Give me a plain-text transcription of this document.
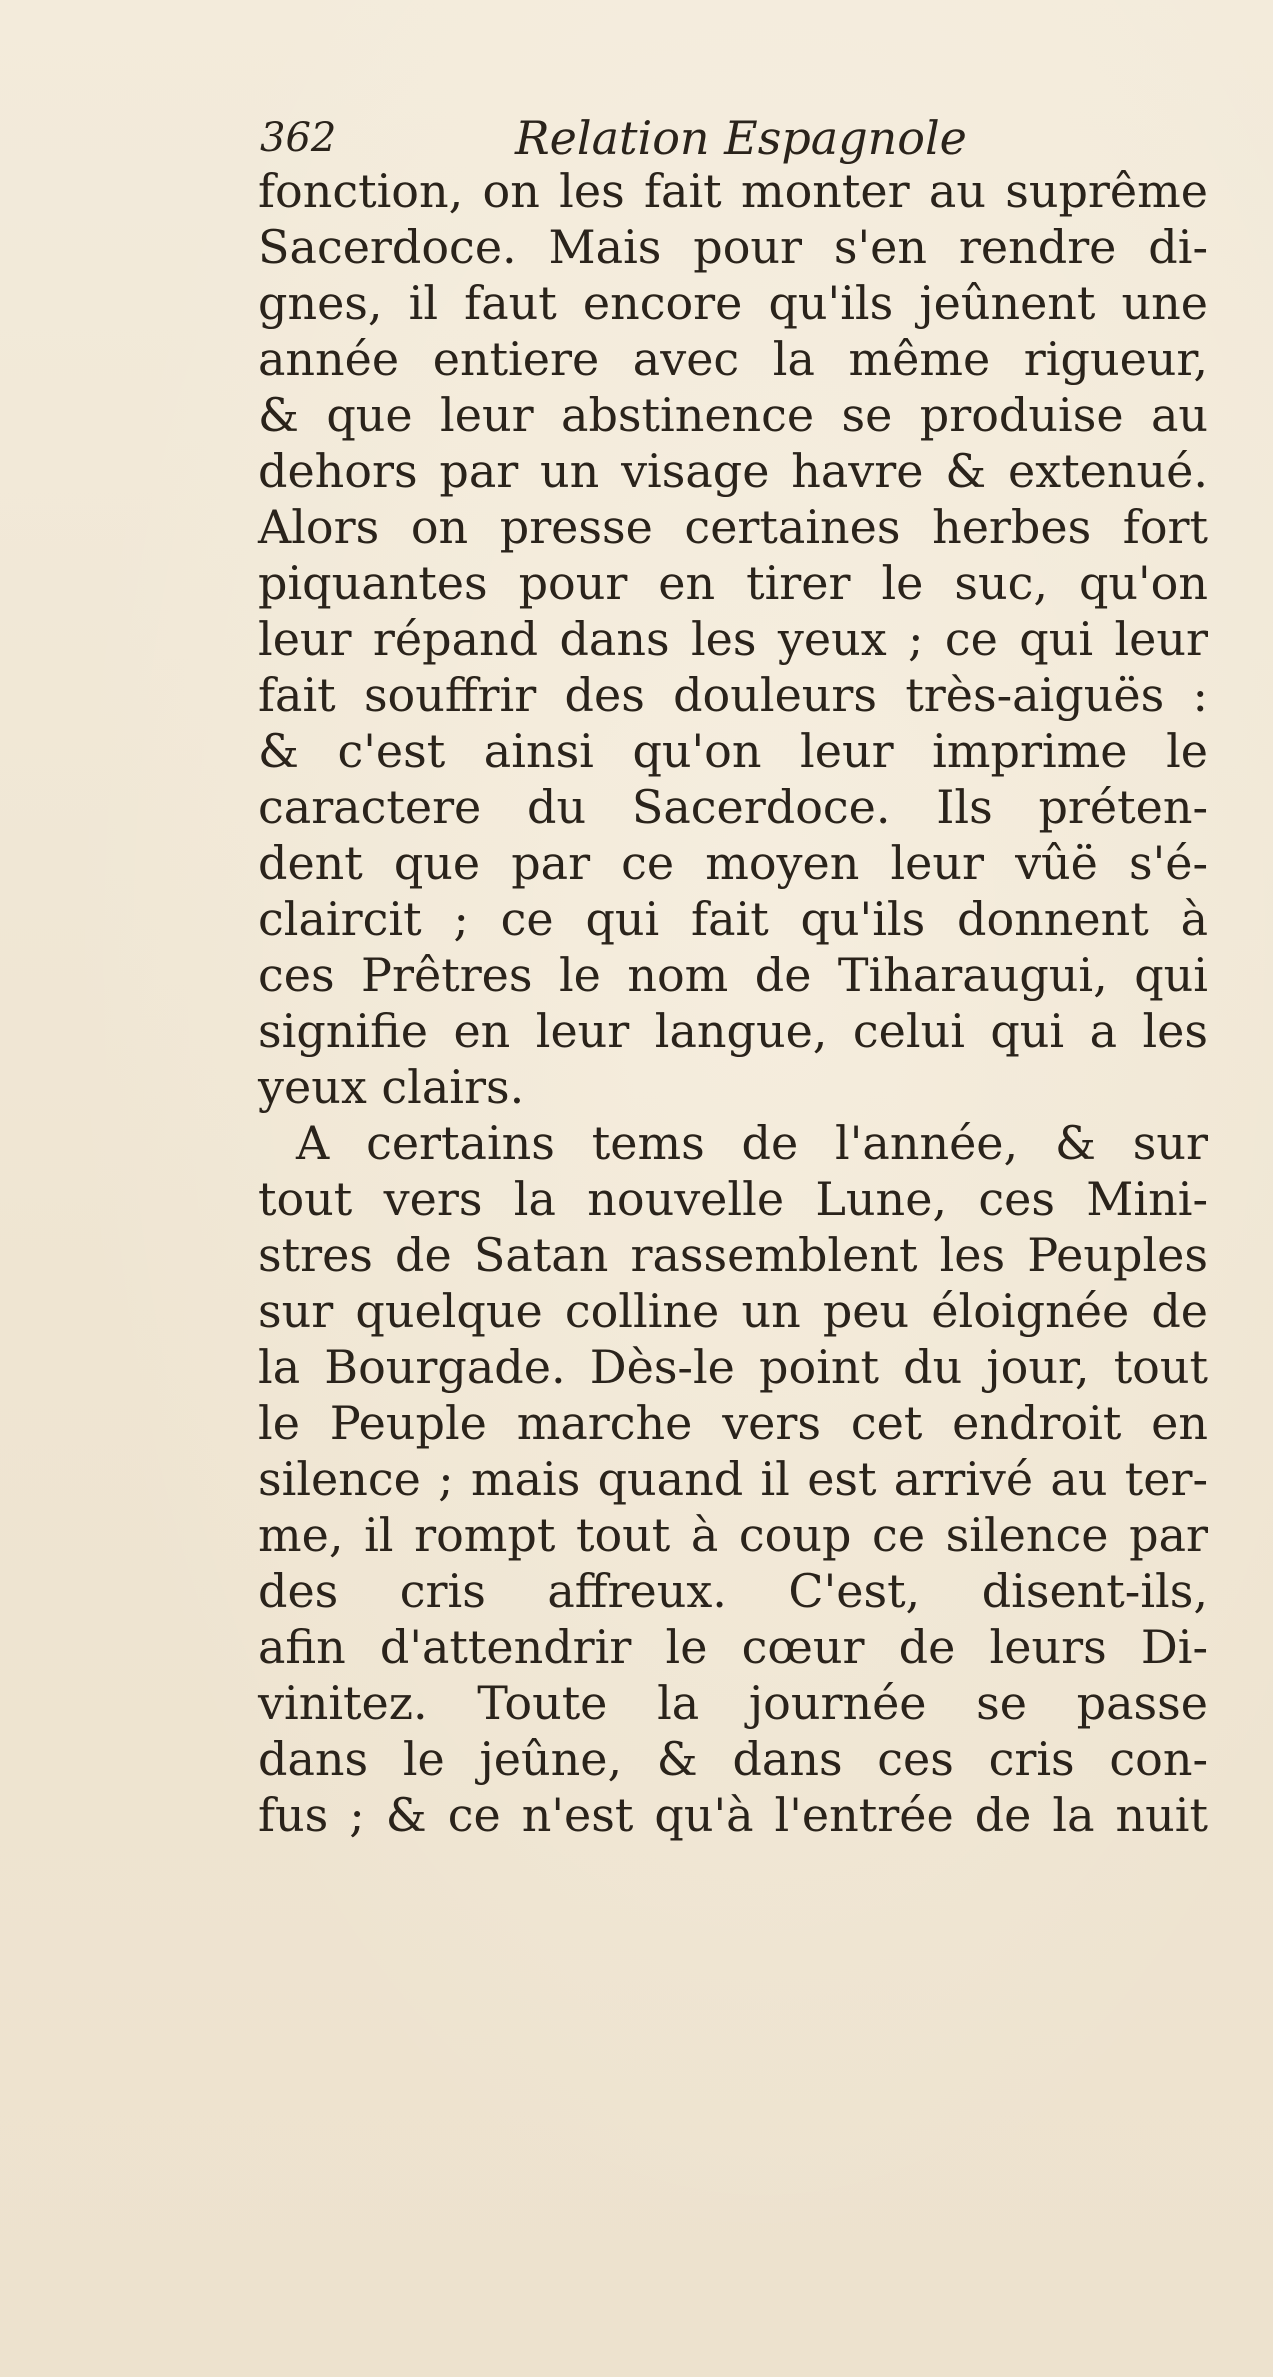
362	Relation Espagnole
fonction, on les fait monter au suprême
Sacerdoce. Mais pour s'en rendre di-
gnes, il faut encore qu'ils jeûnent une
année entiere avec la même rigueur,
& que leur abstinence se produise au
dehors par un visage havre & extenué.
Alors on presse certaines herbes fort
piquantes pour en tirer le suc, qu'on
leur répand dans les yeux ; ce qui leur
fait souffrir des douleurs très-aiguës :
& c'est ainsi qu'on leur imprime le
caractere du Sacerdoce. Ils préten-
dent que par ce moyen leur vûë s'é-
claircit ; ce qui fait qu'ils donnent à
ces Prêtres le nom de Tiharaugui, qui
signifie en leur langue, celui qui a les
yeux clairs.
A certains tems de l'année, & sur
tout vers la nouvelle Lune, ces Mini-
stres de Satan rassemblent les Peuples
sur quelque colline un peu éloignée de
la Bourgade. Dès-le point du jour, tout
le Peuple marche vers cet endroit en
silence ; mais quand il est arrivé au ter-
me, il rompt tout à coup ce silence par
des cris affreux. C'est, disent-ils,
afin d'attendrir le cœur de leurs Di-
vinitez. Toute la journée se passe
dans le jeûne, & dans ces cris con-
fus ; & ce n'est qu'à l'entrée de la nuit
